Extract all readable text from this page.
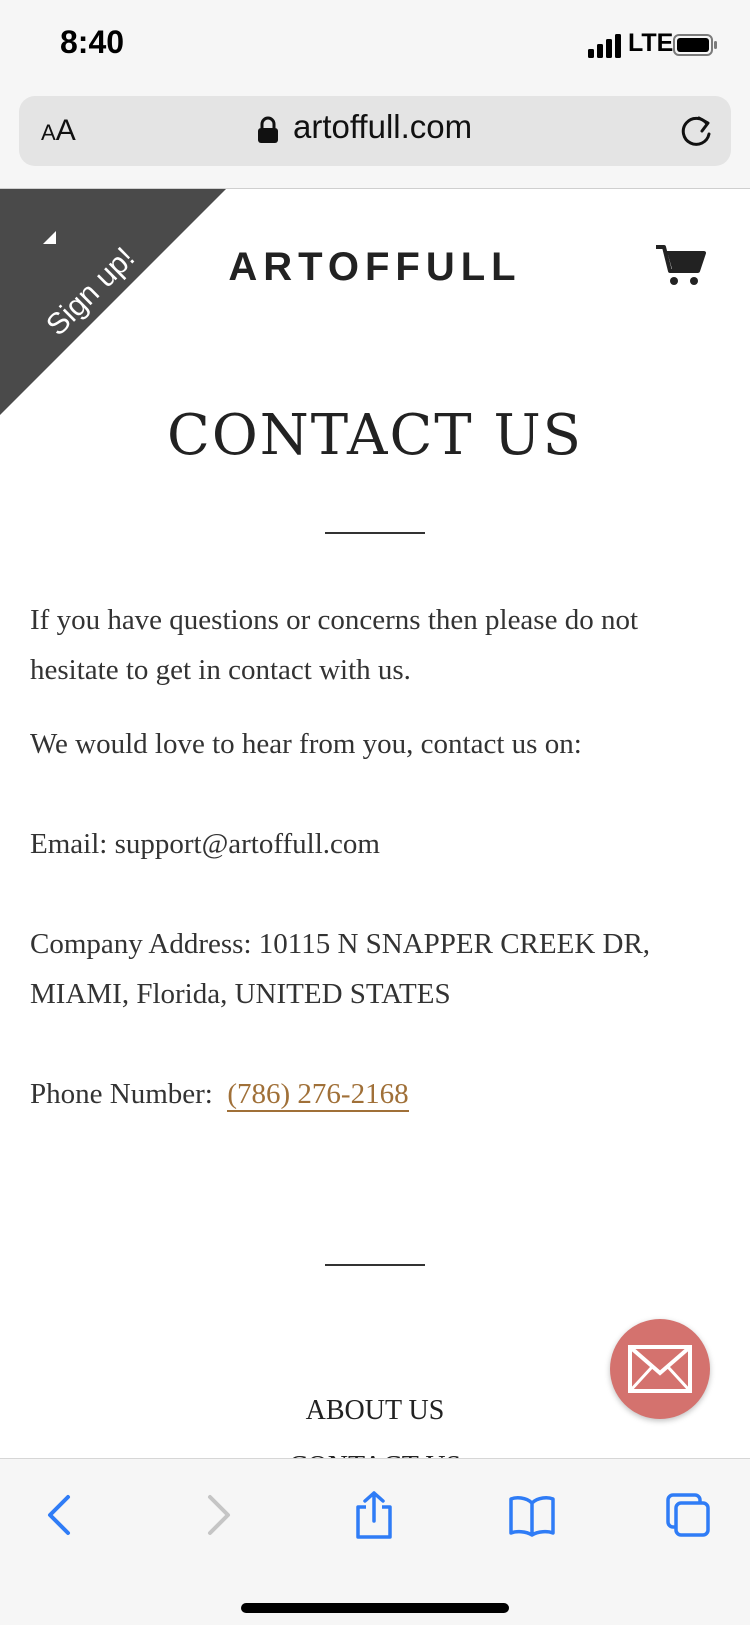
8:40	LTE
AA	artoffull.com
Sign up!	ARTOFFULL
CONTACT US
If you have questions or concerns then please do not hesitate to get in contact with us.
We would love to hear from you, contact us on:
Email: support@artoffull.com
Company Address: 10115 N SNAPPER CREEK DR, MIAMI, Florida, UNITED STATES
Phone Number: (786) 276-2168
ABOUT US
